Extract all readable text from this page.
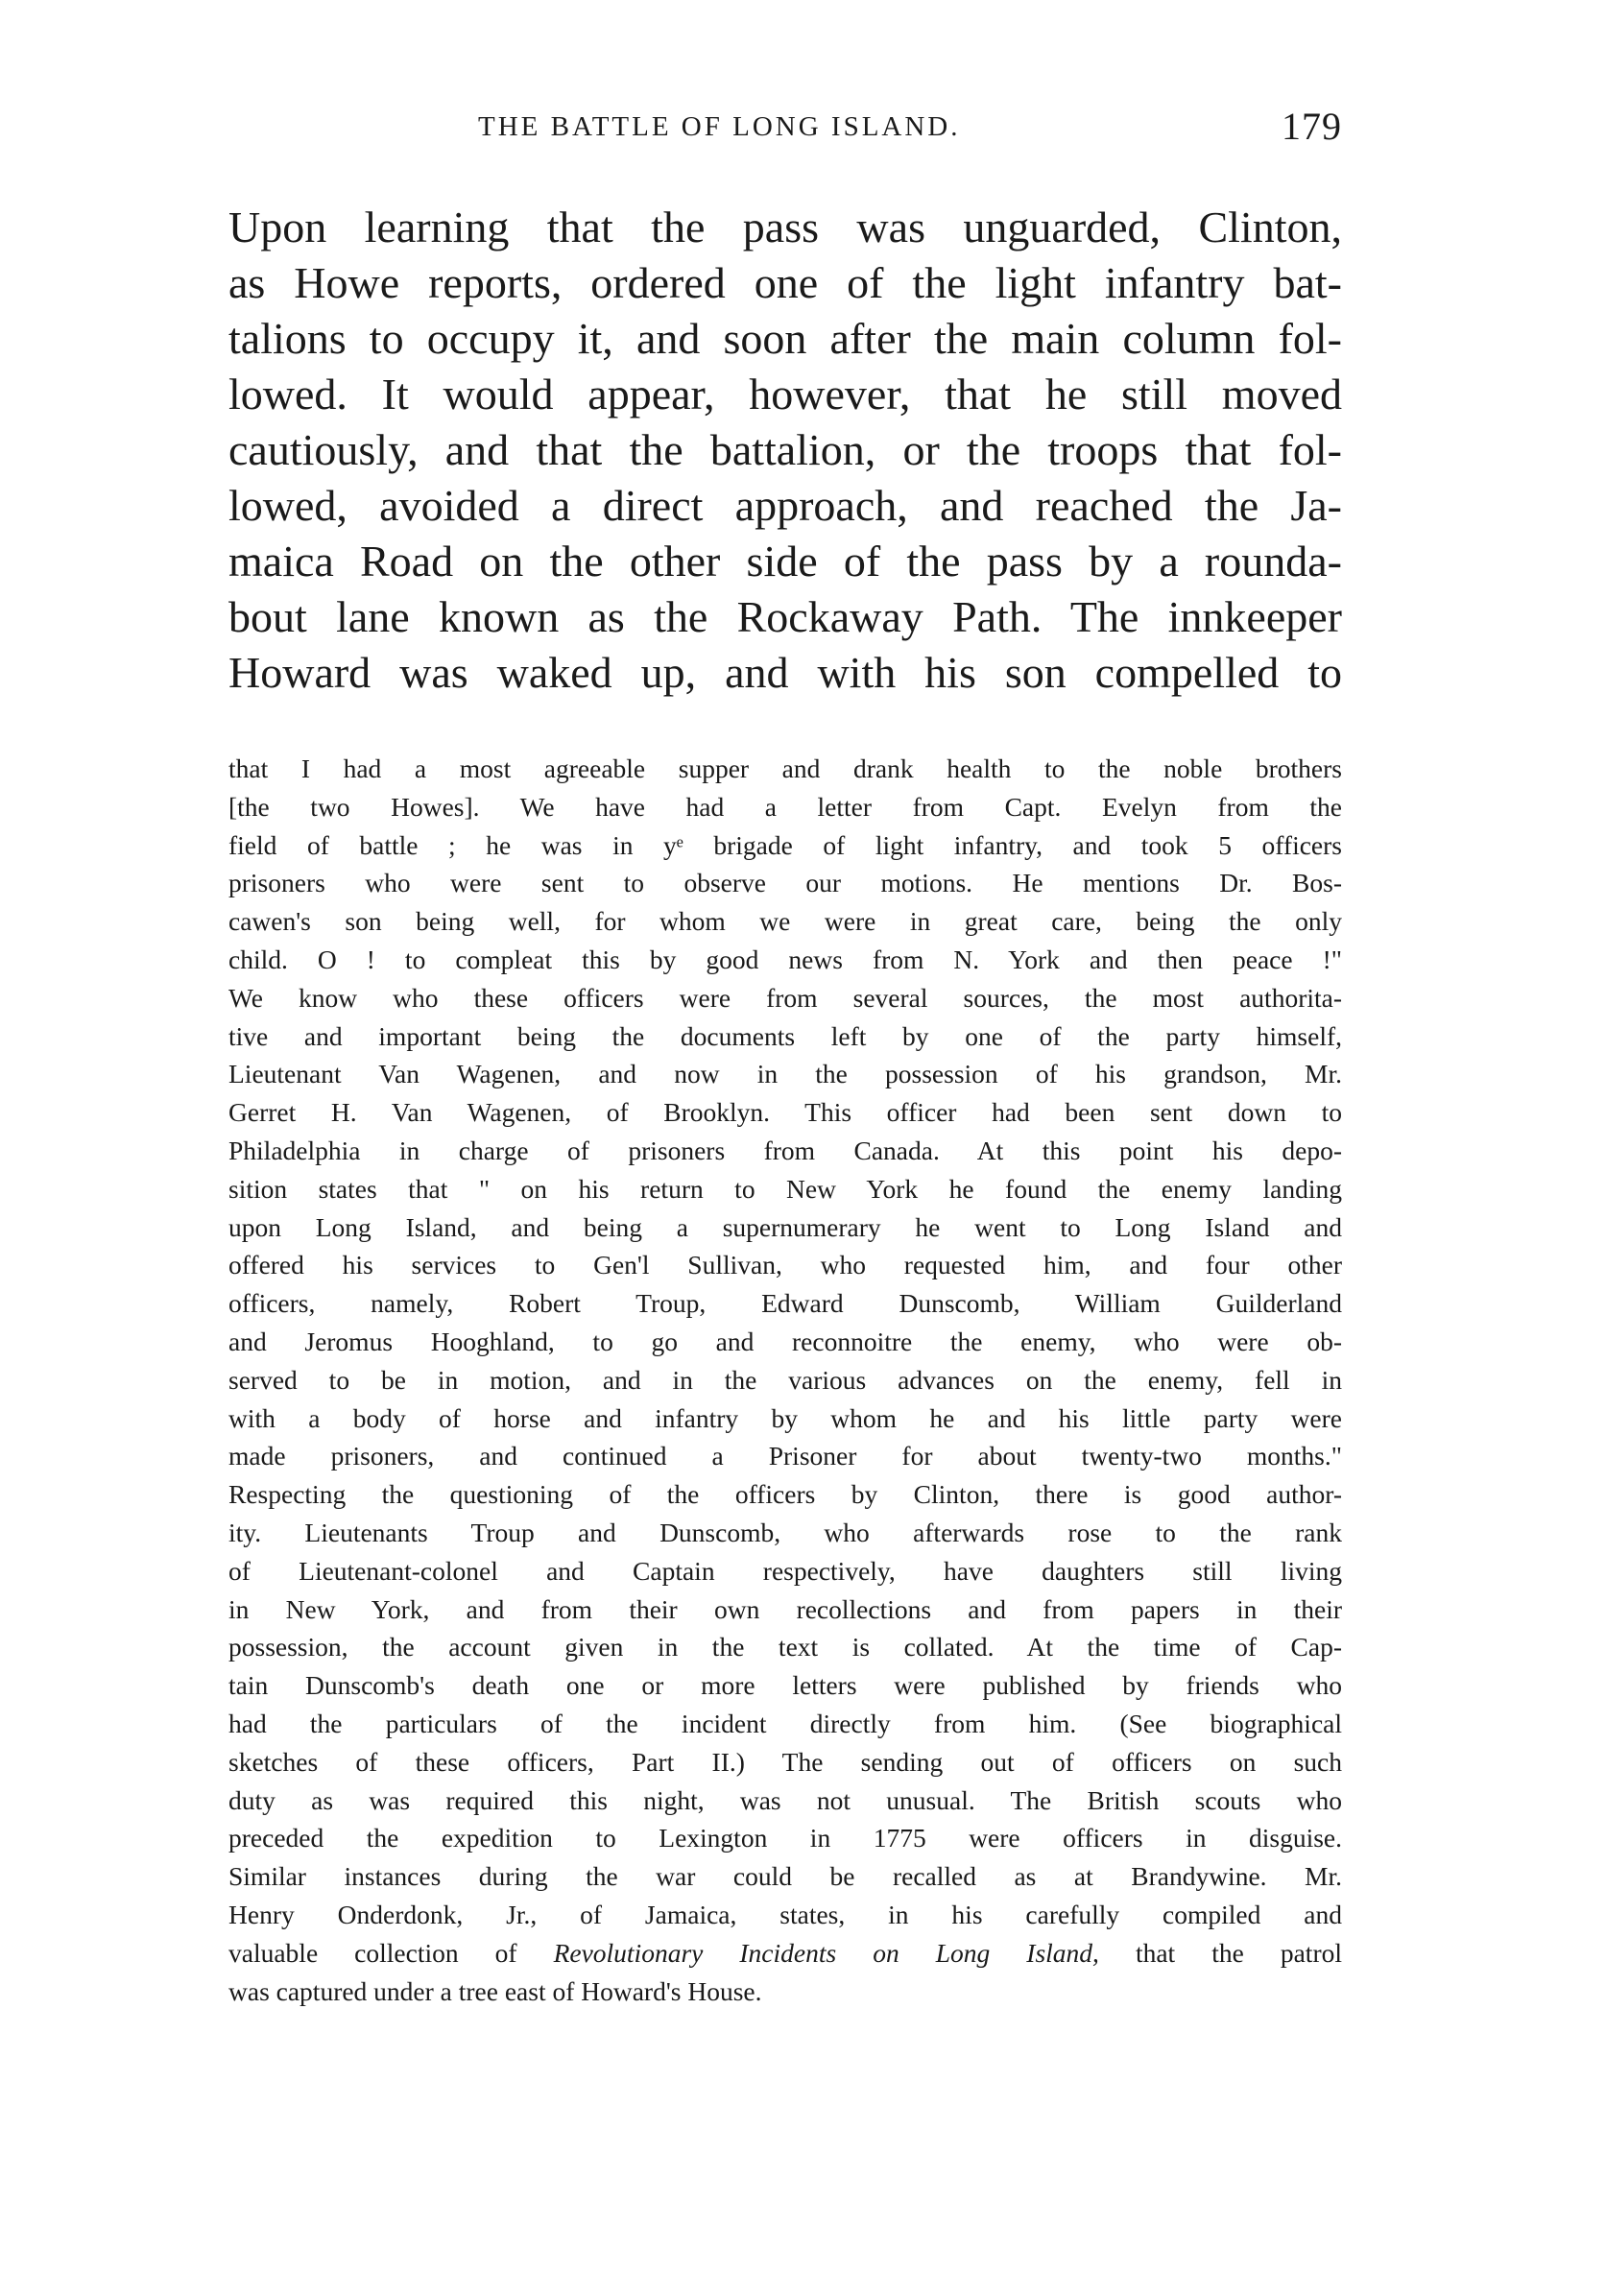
THE BATTLE OF LONG ISLAND.	179
Upon learning that the pass was unguarded, Clinton,
as Howe reports, ordered one of the light infantry bat-
talions to occupy it, and soon after the main column fol-
lowed. It would appear, however, that he still moved
cautiously, and that the battalion, or the troops that fol-
lowed, avoided a direct approach, and reached the Ja-
maica Road on the other side of the pass by a rounda-
bout lane known as the Rockaway Path. The innkeeper
Howard was waked up, and with his son compelled to
that I had a most agreeable supper and drank health to the noble brothers
[the two Howes]. We have had a letter from Capt. Evelyn from the
field of battle ; he was in yᵉ brigade of light infantry, and took 5 officers
prisoners who were sent to observe our motions. He mentions Dr. Bos-
cawen's son being well, for whom we were in great care, being the only
child. O ! to compleat this by good news from N. York and then peace !"
We know who these officers were from several sources, the most authorita-
tive and important being the documents left by one of the party himself,
Lieutenant Van Wagenen, and now in the possession of his grandson, Mr.
Gerret H. Van Wagenen, of Brooklyn. This officer had been sent down to
Philadelphia in charge of prisoners from Canada. At this point his depo-
sition states that " on his return to New York he found the enemy landing
upon Long Island, and being a supernumerary he went to Long Island and
offered his services to Gen'l Sullivan, who requested him, and four other
officers, namely, Robert Troup, Edward Dunscomb, William Guilderland
and Jeromus Hooghland, to go and reconnoitre the enemy, who were ob-
served to be in motion, and in the various advances on the enemy, fell in
with a body of horse and infantry by whom he and his little party were
made prisoners, and continued a Prisoner for about twenty-two months."
Respecting the questioning of the officers by Clinton, there is good author-
ity. Lieutenants Troup and Dunscomb, who afterwards rose to the rank
of Lieutenant-colonel and Captain respectively, have daughters still living
in New York, and from their own recollections and from papers in their
possession, the account given in the text is collated. At the time of Cap-
tain Dunscomb's death one or more letters were published by friends who
had the particulars of the incident directly from him. (See biographical
sketches of these officers, Part II.) The sending out of officers on such
duty as was required this night, was not unusual. The British scouts who
preceded the expedition to Lexington in 1775 were officers in disguise.
Similar instances during the war could be recalled as at Brandywine. Mr.
Henry Onderdonk, Jr., of Jamaica, states, in his carefully compiled and
valuable collection of Revolutionary Incidents on Long Island, that the patrol
was captured under a tree east of Howard's House.
